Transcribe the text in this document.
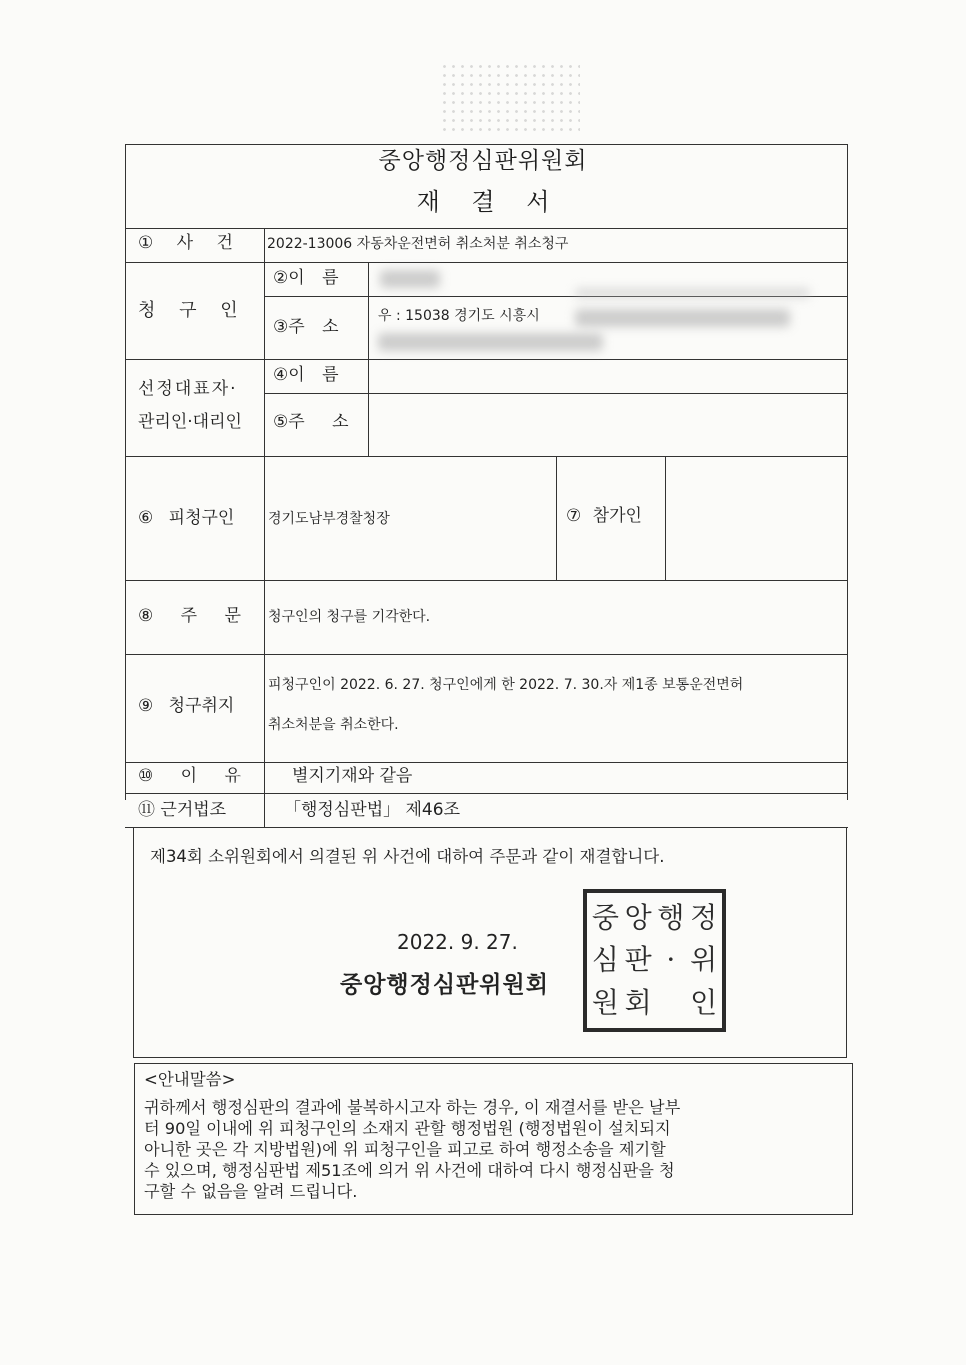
중앙행정심판위원회
재 결 서
① 사 건 2022-13006 자동차운전면허 취소처분 취소청구
청 구 인
②이 름
③주 소
우 : 15038 경기도 시흥시
선정대표자·
관리인·대리인
④이 름
⑤주 소
⑥ 피청구인 경기도남부경찰청장	⑦ 참가인
⑧ 주 문 청구인의 청구를 기각한다.
⑨ 청구취지
피청구인이 2022. 6. 27. 청구인에게 한 2022. 7. 30.자 제1종 보통운전면허
취소처분을 취소한다.
⑩ 이 유	별지기재와 같음
⑪ 근거법조	「행정심판법」 제46조
제34회 소위원회에서 의결된 위 사건에 대하여 주문과 같이 재결합니다.
2022. 9. 27.
중앙행정심판위원회
중 앙 행 정
심 판 · 위
원 회 인
<안내말씀>
귀하께서 행정심판의 결과에 불복하시고자 하는 경우, 이 재결서를 받은 날부
터 90일 이내에 위 피청구인의 소재지 관할 행정법원 (행정법원이 설치되지
아니한 곳은 각 지방법원)에 위 피청구인을 피고로 하여 행정소송을 제기할
수 있으며, 행정심판법 제51조에 의거 위 사건에 대하여 다시 행정심판을 청
구할 수 없음을 알려 드립니다.
